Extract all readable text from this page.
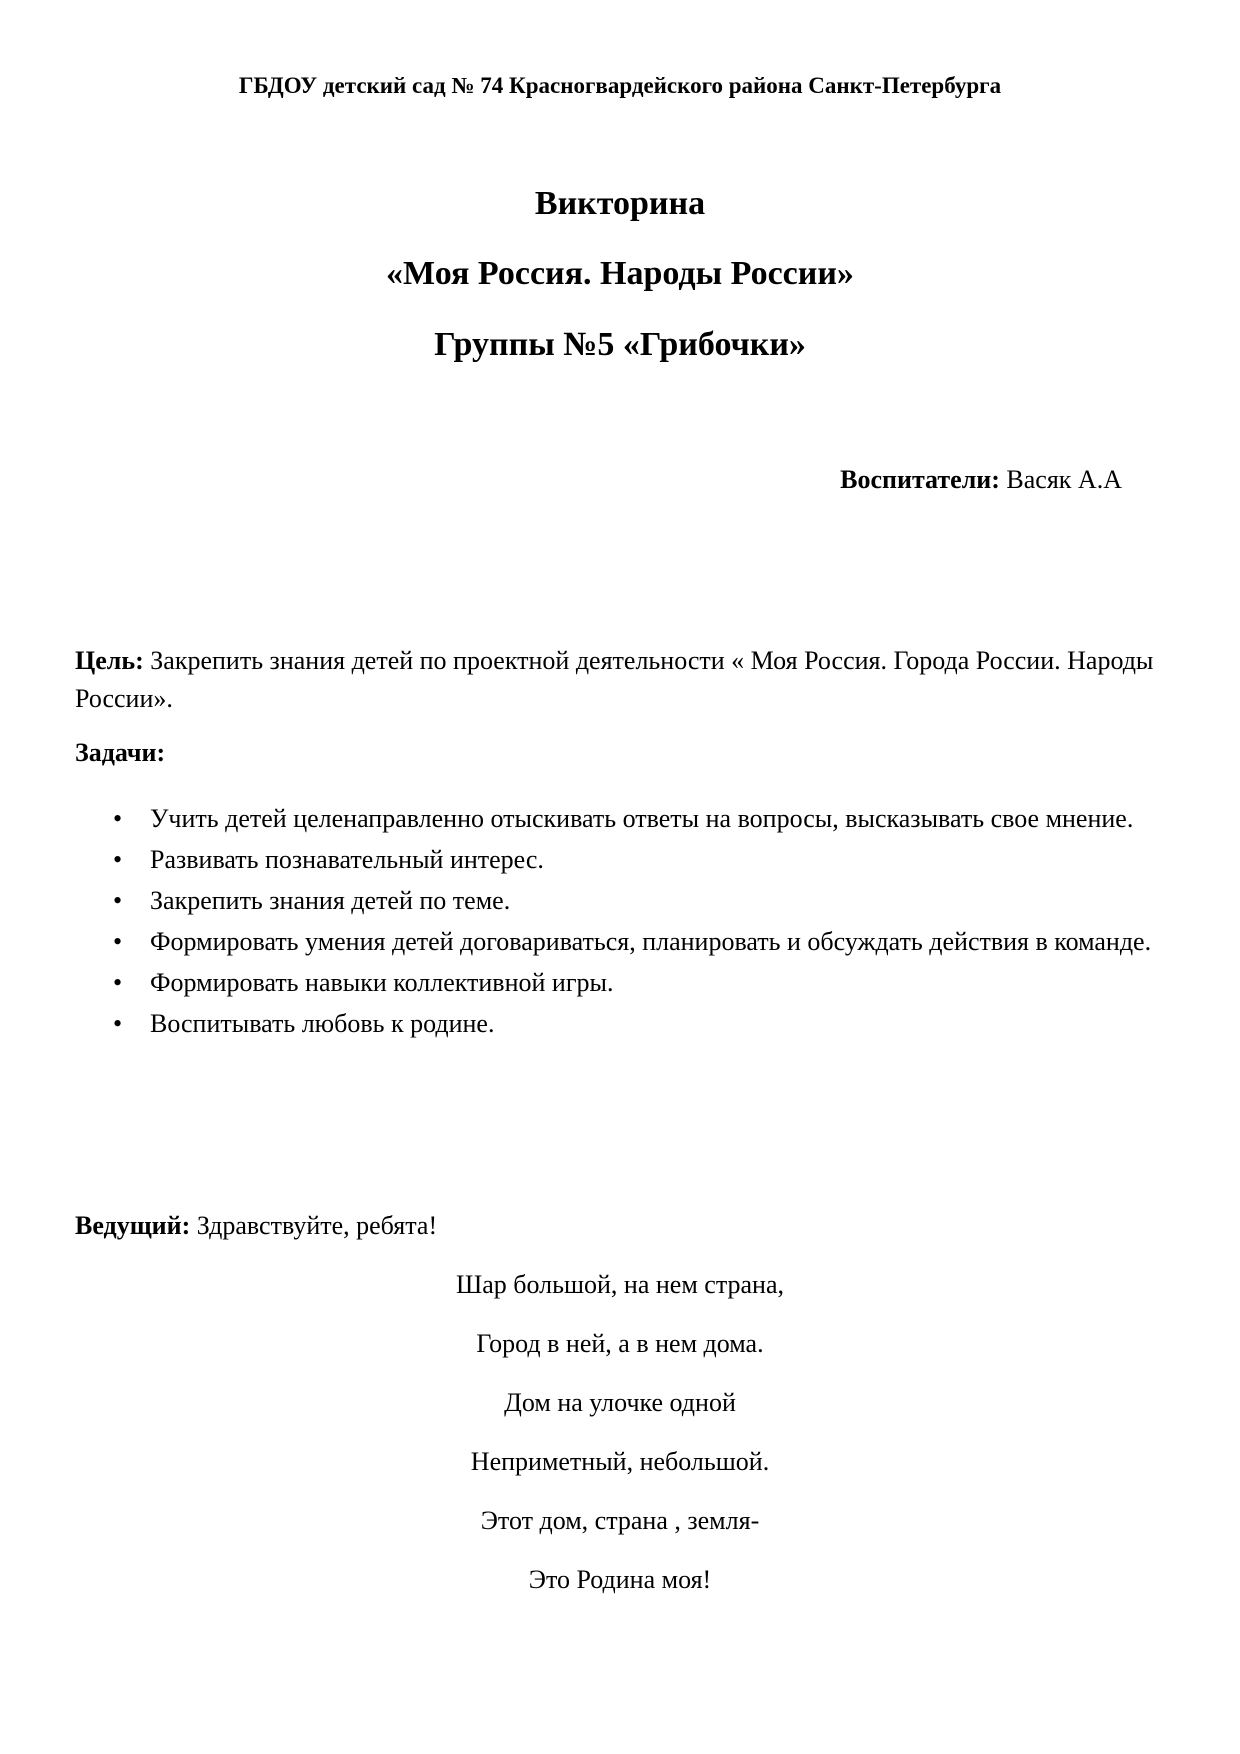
ГБДОУ детский сад № 74 Красногвардейского района Санкт-Петербурга

Викторина

«Моя Россия. Народы России»

Группы №5 «Грибочки»

Воспитатели: Васяк А.А

Цель: Закрепить знания детей по проектной деятельности « Моя Россия. Города России. Народы России».

Задачи:

• Учить детей целенаправленно отыскивать ответы на вопросы, высказывать свое мнение.
• Развивать познавательный интерес.
• Закрепить знания детей по теме.
• Формировать умения детей договариваться, планировать и обсуждать действия в команде.
• Формировать навыки коллективной игры.
• Воспитывать любовь к родине.

Ведущий: Здравствуйте, ребята!

Шар большой, на нем страна,

Город в ней, а в нем дома.

Дом на улочке одной

Неприметный, небольшой.

Этот дом, страна , земля-

Это Родина моя!
